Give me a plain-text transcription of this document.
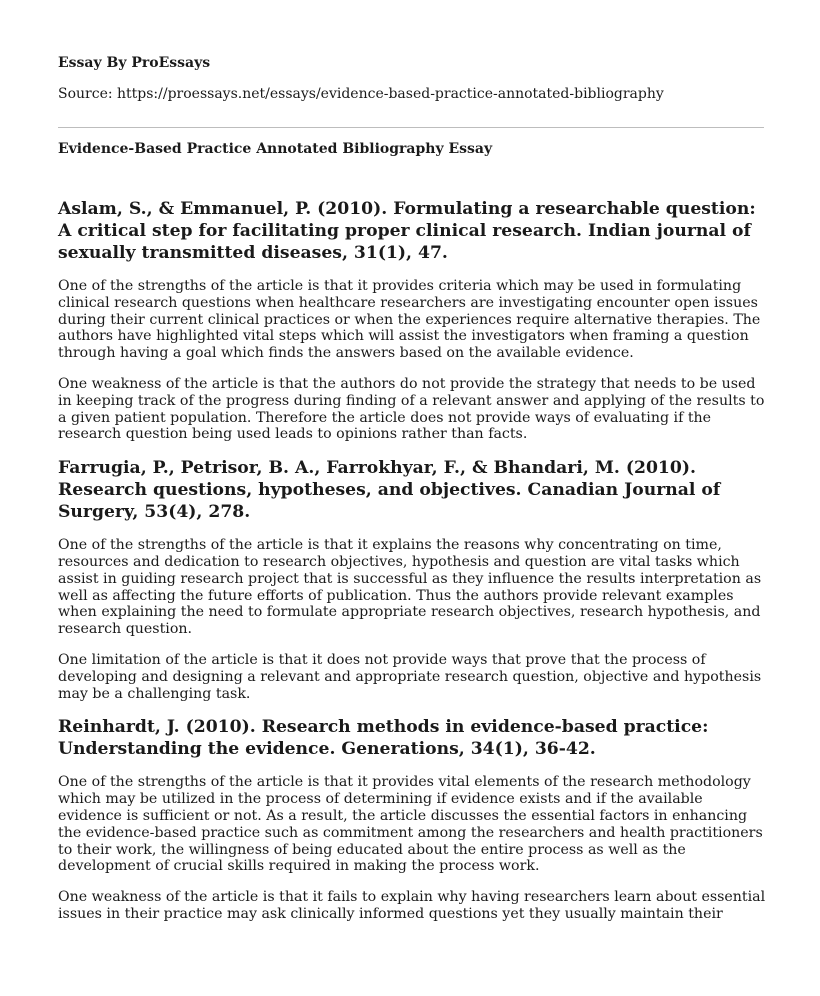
Essay By ProEssays

Source: https://proessays.net/essays/evidence-based-practice-annotated-bibliography

Evidence-Based Practice Annotated Bibliography Essay

Aslam, S., & Emmanuel, P. (2010). Formulating a researchable question: A critical step for facilitating proper clinical research. Indian journal of sexually transmitted diseases, 31(1), 47.

One of the strengths of the article is that it provides criteria which may be used in formulating clinical research questions when healthcare researchers are investigating encounter open issues during their current clinical practices or when the experiences require alternative therapies. The authors have highlighted vital steps which will assist the investigators when framing a question through having a goal which finds the answers based on the available evidence.

One weakness of the article is that the authors do not provide the strategy that needs to be used in keeping track of the progress during finding of a relevant answer and applying of the results to a given patient population. Therefore the article does not provide ways of evaluating if the research question being used leads to opinions rather than facts.

Farrugia, P., Petrisor, B. A., Farrokhyar, F., & Bhandari, M. (2010). Research questions, hypotheses, and objectives. Canadian Journal of Surgery, 53(4), 278.

One of the strengths of the article is that it explains the reasons why concentrating on time, resources and dedication to research objectives, hypothesis and question are vital tasks which assist in guiding research project that is successful as they influence the results interpretation as well as affecting the future efforts of publication. Thus the authors provide relevant examples when explaining the need to formulate appropriate research objectives, research hypothesis, and research question.

One limitation of the article is that it does not provide ways that prove that the process of developing and designing a relevant and appropriate research question, objective and hypothesis may be a challenging task.

Reinhardt, J. (2010). Research methods in evidence-based practice: Understanding the evidence. Generations, 34(1), 36-42.

One of the strengths of the article is that it provides vital elements of the research methodology which may be utilized in the process of determining if evidence exists and if the available evidence is sufficient or not. As a result, the article discusses the essential factors in enhancing the evidence-based practice such as commitment among the researchers and health practitioners to their work, the willingness of being educated about the entire process as well as the development of crucial skills required in making the process work.

One weakness of the article is that it fails to explain why having researchers learn about essential issues in their practice may ask clinically informed questions yet they usually maintain their
